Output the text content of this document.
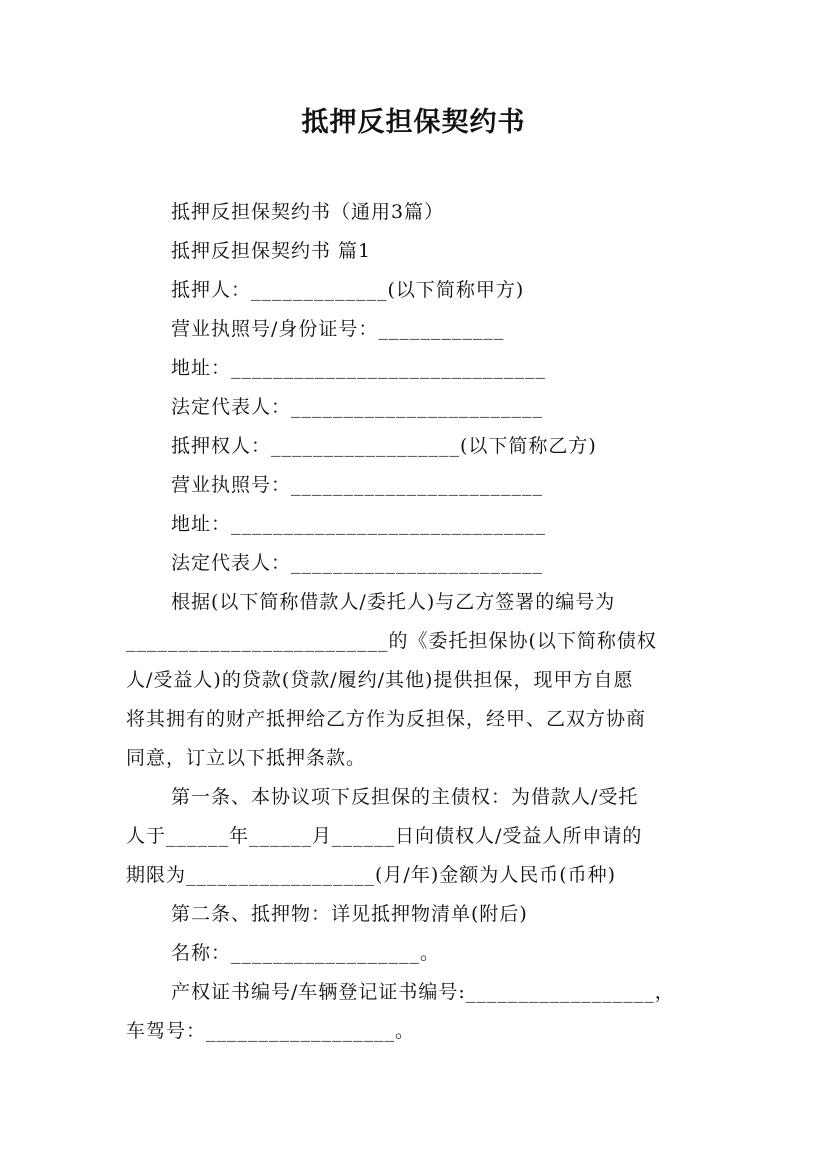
抵押反担保契约书
抵押反担保契约书（通用3篇）
抵押反担保契约书 篇1
抵押人：_____________(以下简称甲方)
营业执照号/身份证号：____________
地址：______________________________
法定代表人：________________________
抵押权人：__________________(以下简称乙方)
营业执照号：________________________
地址：______________________________
法定代表人：________________________
根据(以下简称借款人/委托人)与乙方签署的编号为
_________________________的《委托担保协(以下简称债权
人/受益人)的贷款(贷款/履约/其他)提供担保，现甲方自愿
将其拥有的财产抵押给乙方作为反担保，经甲、乙双方协商
同意，订立以下抵押条款。
第一条、本协议项下反担保的主债权：为借款人/受托
人于______年______月______日向债权人/受益人所申请的
期限为__________________(月/年)金额为人民币(币种)
第二条、抵押物：详见抵押物清单(附后)
名称：__________________。
产权证书编号/车辆登记证书编号:__________________，
车驾号：__________________。
